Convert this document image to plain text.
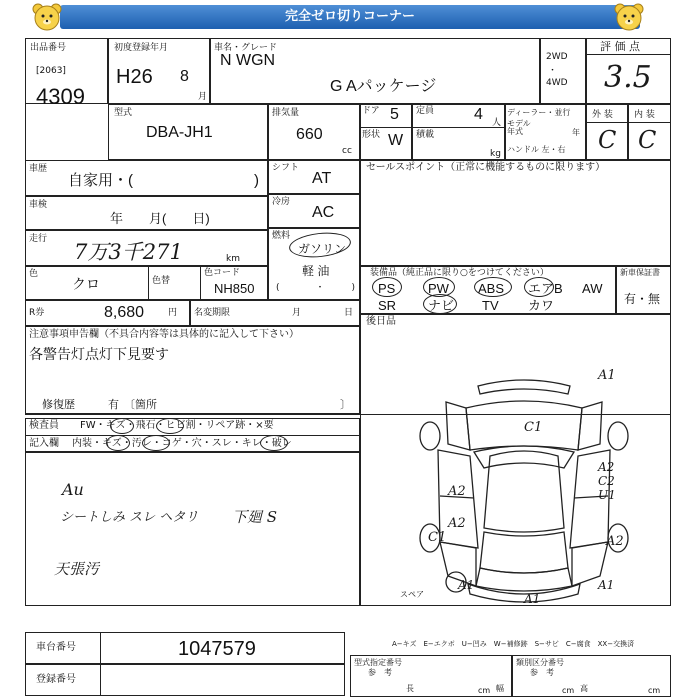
完全ゼロ切りコーナー
出品番号
[2063]
4309
初度登録年月
H26 8
月
車名・グレード
N WGN
G Aパッケージ
2WD
・
4WD
評 価 点
3.5
型式
DBA-JH1
排気量
660
cc
ドア 5
形状 W
定員 4 人
積載
kg
ディーラー・並行
モデル
年式	年
ハンドル 左・右
外 装 内 装
C C
車歴
自家用・(	)
車検
年　　月(　　日)
走行
7万3千271	km
色
クロ	色替
色コード
NH850
R券	8,680	円 名変期限	月	日
シフト
AT
冷房
AC
燃料
ガソリン
軽 油
(　　　　・　　　)
セールスポイント（正常に機能するものに限ります）
装備品（純正品に限り○をつけてください）
PS	PW ABS エアB AW
SR ナビ TV カワ
新車保証書
有・無
注意事項申告欄（不具合内容等は具体的に記入して下さい）
各警告灯点灯下見要す
修復歴	有 〔箇所	〕
後日品
検査員 FW・キズ・飛石・ヒビ割・リペア跡・×要
記入欄 内装・キズ・汚レ・コゲ・穴・スレ・キレ・破レ
Au
シートしみ スレ ヘタリ 下廻 S
天張汚
A1
C1
A2
A2
C1
A2
C2
U1
A2
A1	A1
A1
スペア
車台番号	1047579
登録番号
A−キズ　E−エクボ　U−凹み　W−補修跡　S−サビ　C−腐食　XX−交換済
型式指定番号
参　考
類別区分番号
参　考
長	cm 幅	cm 高	cm
